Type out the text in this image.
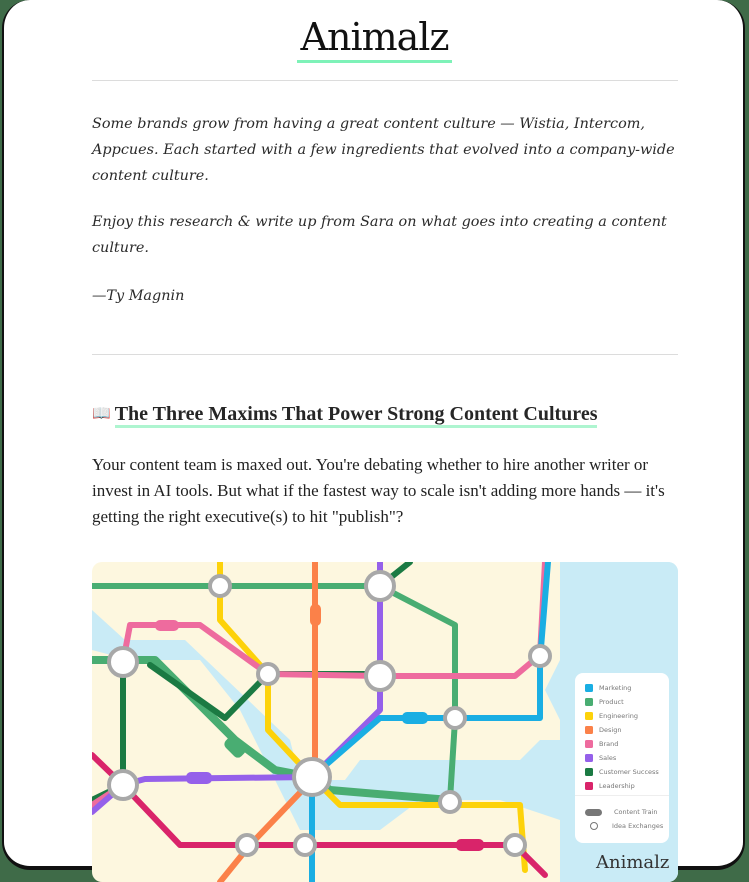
Animalz

Some brands grow from having a great content culture — Wistia, Intercom, Appcues. Each started with a few ingredients that evolved into a company-wide content culture.

Enjoy this research & write up from Sara on what goes into creating a content culture.

—Ty Magnin

📖 The Three Maxims That Power Strong Content Cultures

Your content team is maxed out. You're debating whether to hire another writer or invest in AI tools. But what if the fastest way to scale isn't adding more hands — it's getting the right executive(s) to hit "publish"?

Marketing
Product
Engineering
Design
Brand
Sales
Customer Success
Leadership
Content Train
Idea Exchanges
Animalz
